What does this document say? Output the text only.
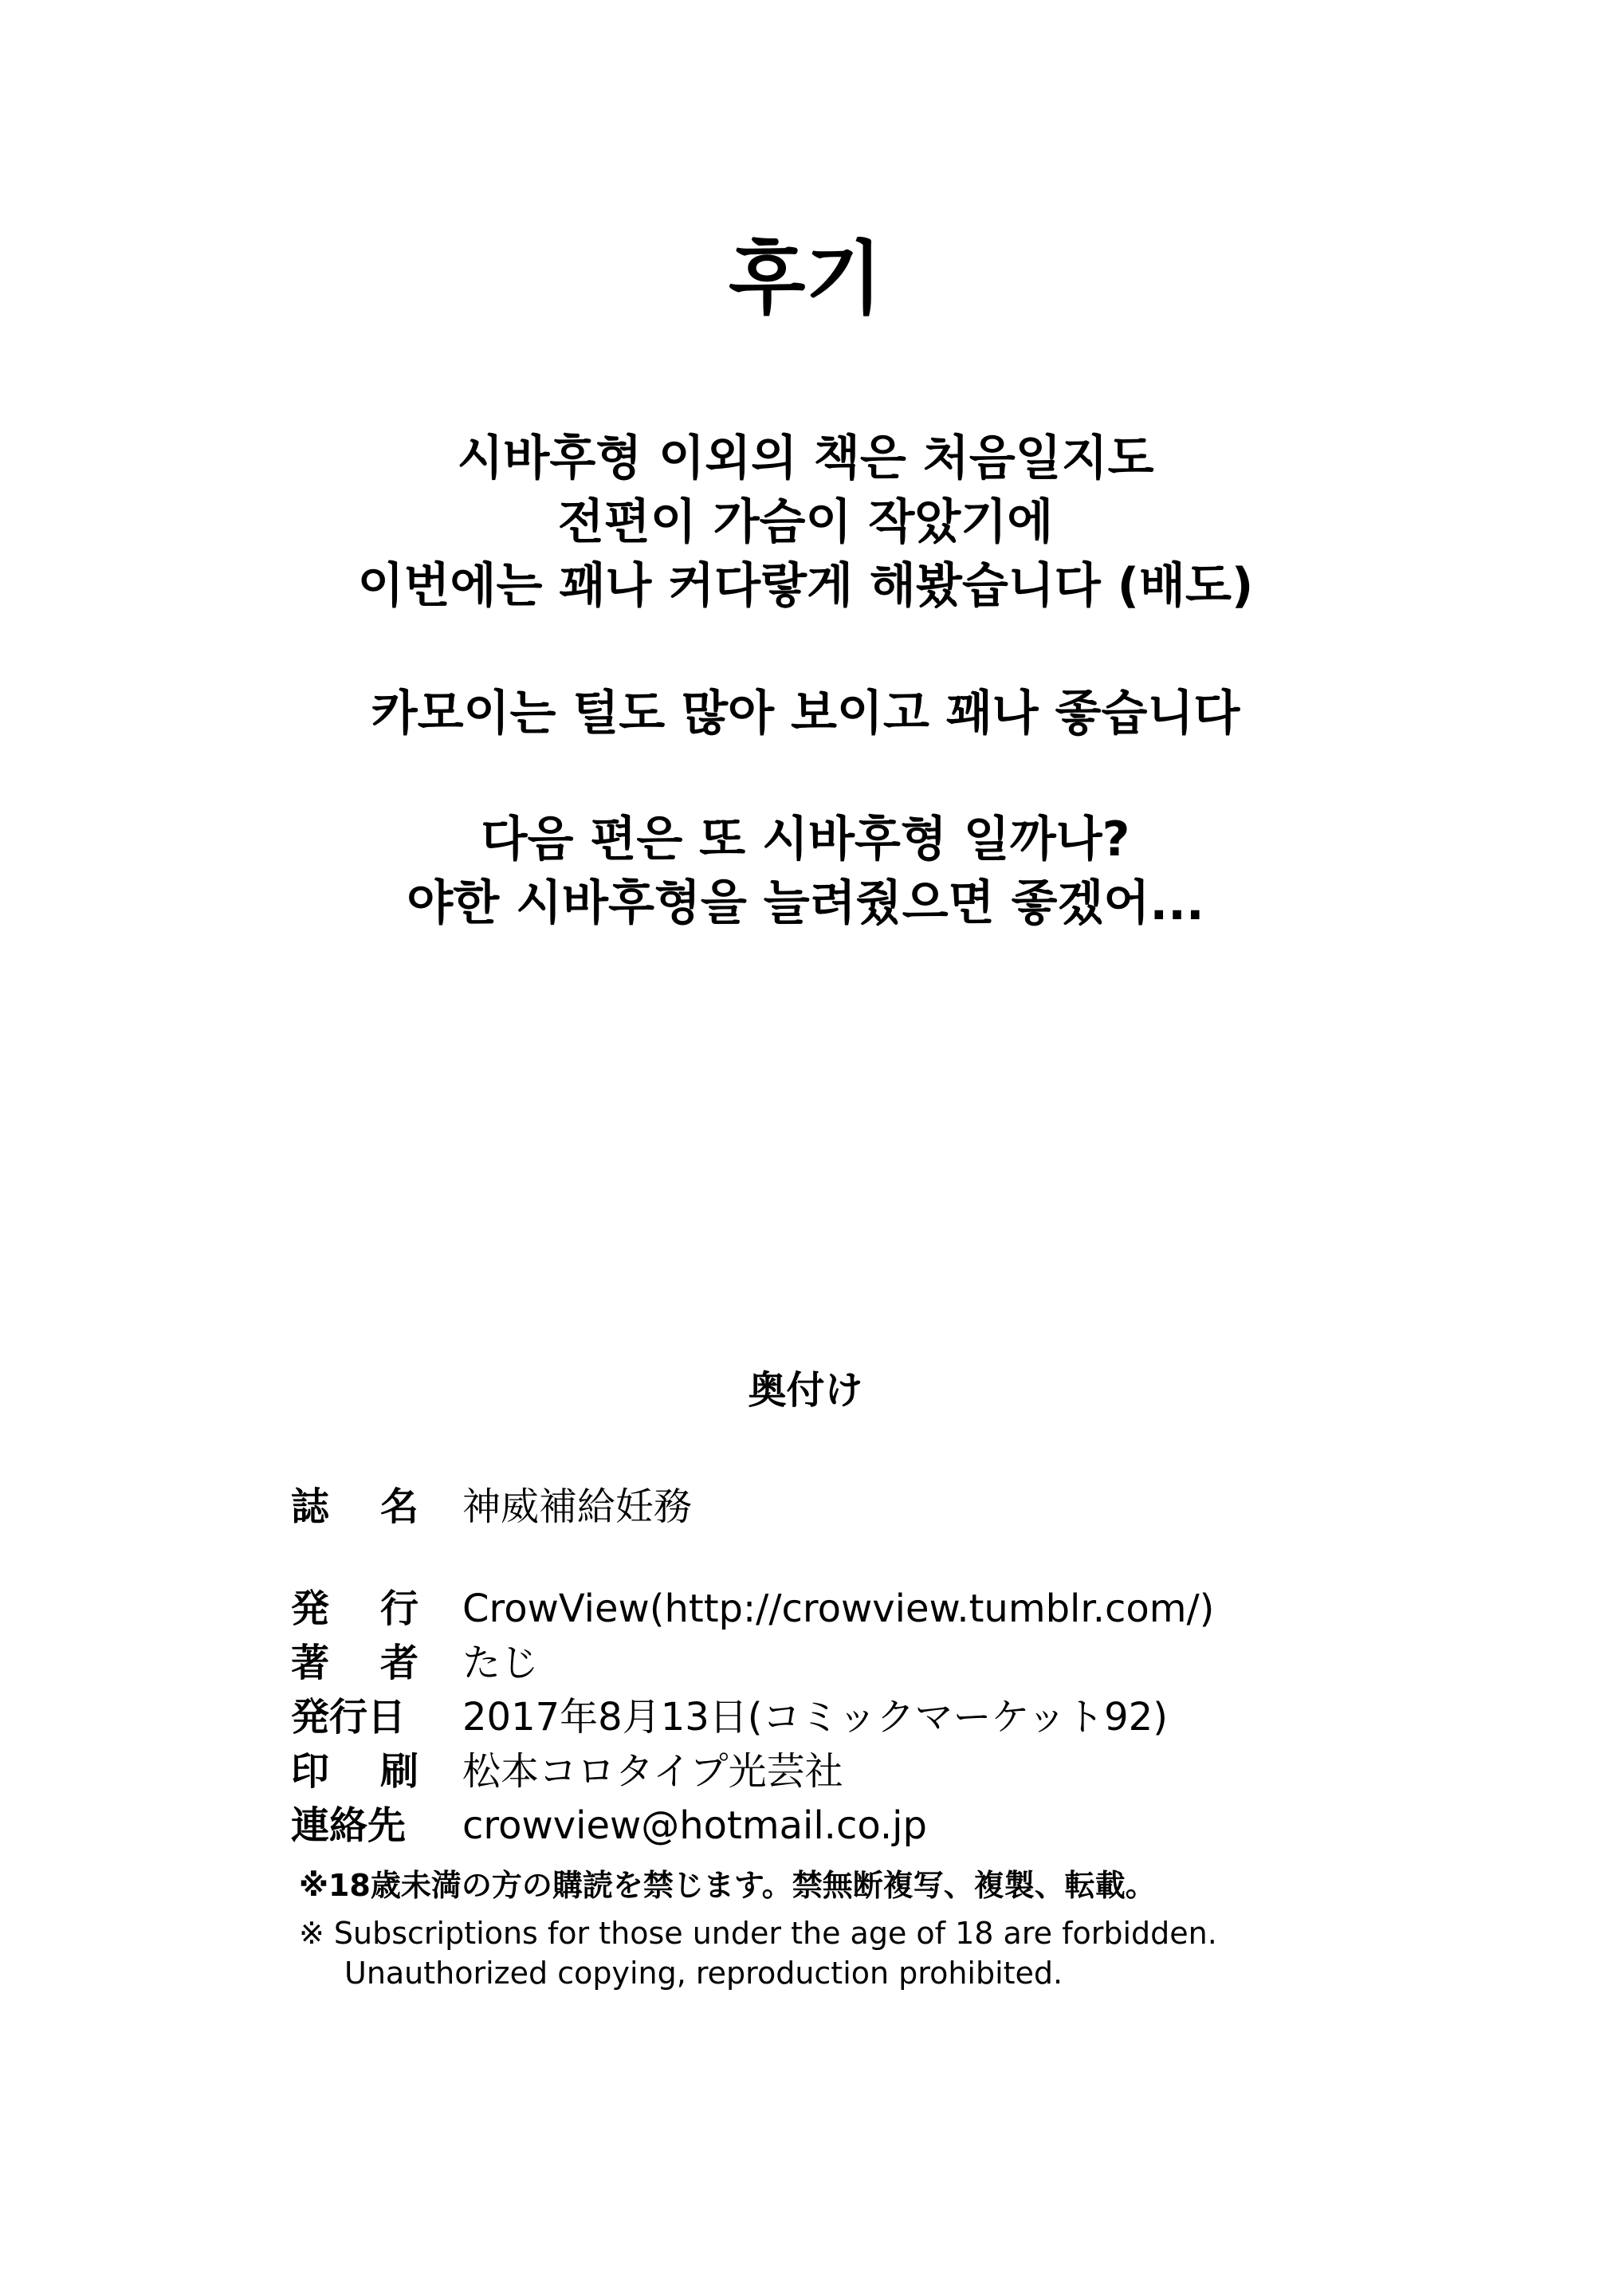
후기

시바후형 이외의 책은 처음일지도
전편이 가슴이 작았기에
이번에는 꽤나 커다랗게 해봤습니다 (배도)

카모이는 털도 많아 보이고 꽤나 좋습니다

다음 편은 또 시바후형 일까나?
야한 시바후형을 늘려줬으면 좋겠어...

奥付け
誌 名 神威補給妊務
発 行 CrowView(http://crowview.tumblr.com/)
著 者 たじ
発行日 2017年8月13日(コミックマーケット92)
印 刷 松本コロタイプ光芸社
連絡先 crowview@hotmail.co.jp
※18歳未満の方の購読を禁じます。禁無断複写、複製、転載。
※ Subscriptions for those under the age of 18 are forbidden.
Unauthorized copying, reproduction prohibited.
